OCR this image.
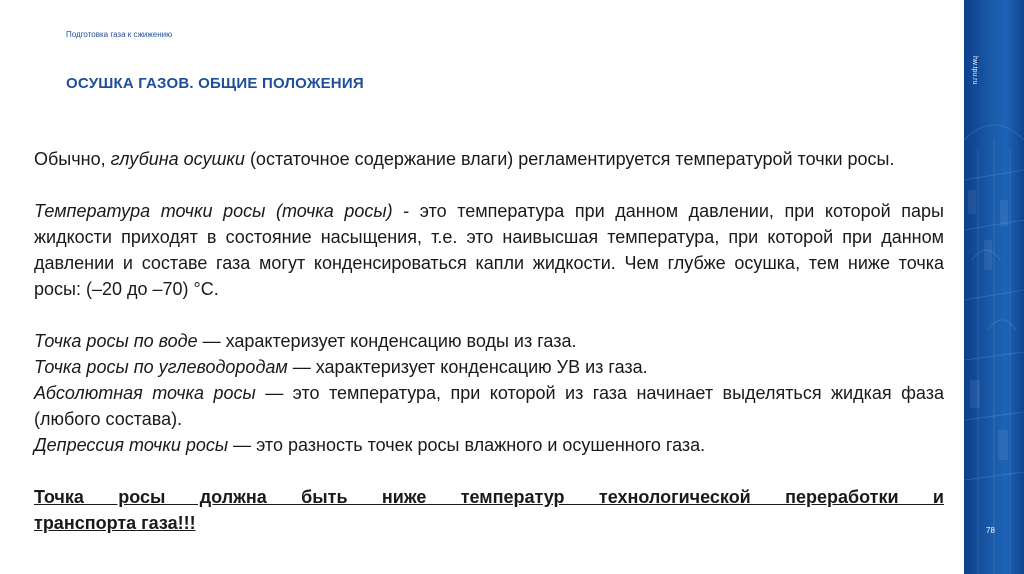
Подготовка газа к сжижению
ОСУШКА ГАЗОВ. ОБЩИЕ ПОЛОЖЕНИЯ

Обычно, глубина осушки (остаточное содержание влаги) регламентируется температурой точки росы.

Температура точки росы (точка росы) - это температура при данном давлении, при которой пары жидкости приходят в состояние насыщения, т.е. это наивысшая температура, при которой при данном давлении и составе газа могут конденсироваться капли жидкости. Чем глубже осушка, тем ниже точка росы: (–20 до –70) °С.

Точка росы по воде — характеризует конденсацию воды из газа.

Точка росы по углеводородам — характеризует конденсацию УВ из газа.

Абсолютная точка росы — это температура, при которой из газа начинает выделяться жидкая фаза (любого состава).

Депрессия точки росы — это разность точек росы влажного и осушенного газа.

Точка росы должна быть ниже температур технологической переработки и
транспорта газа!!!

hw.tpu.ru
78
